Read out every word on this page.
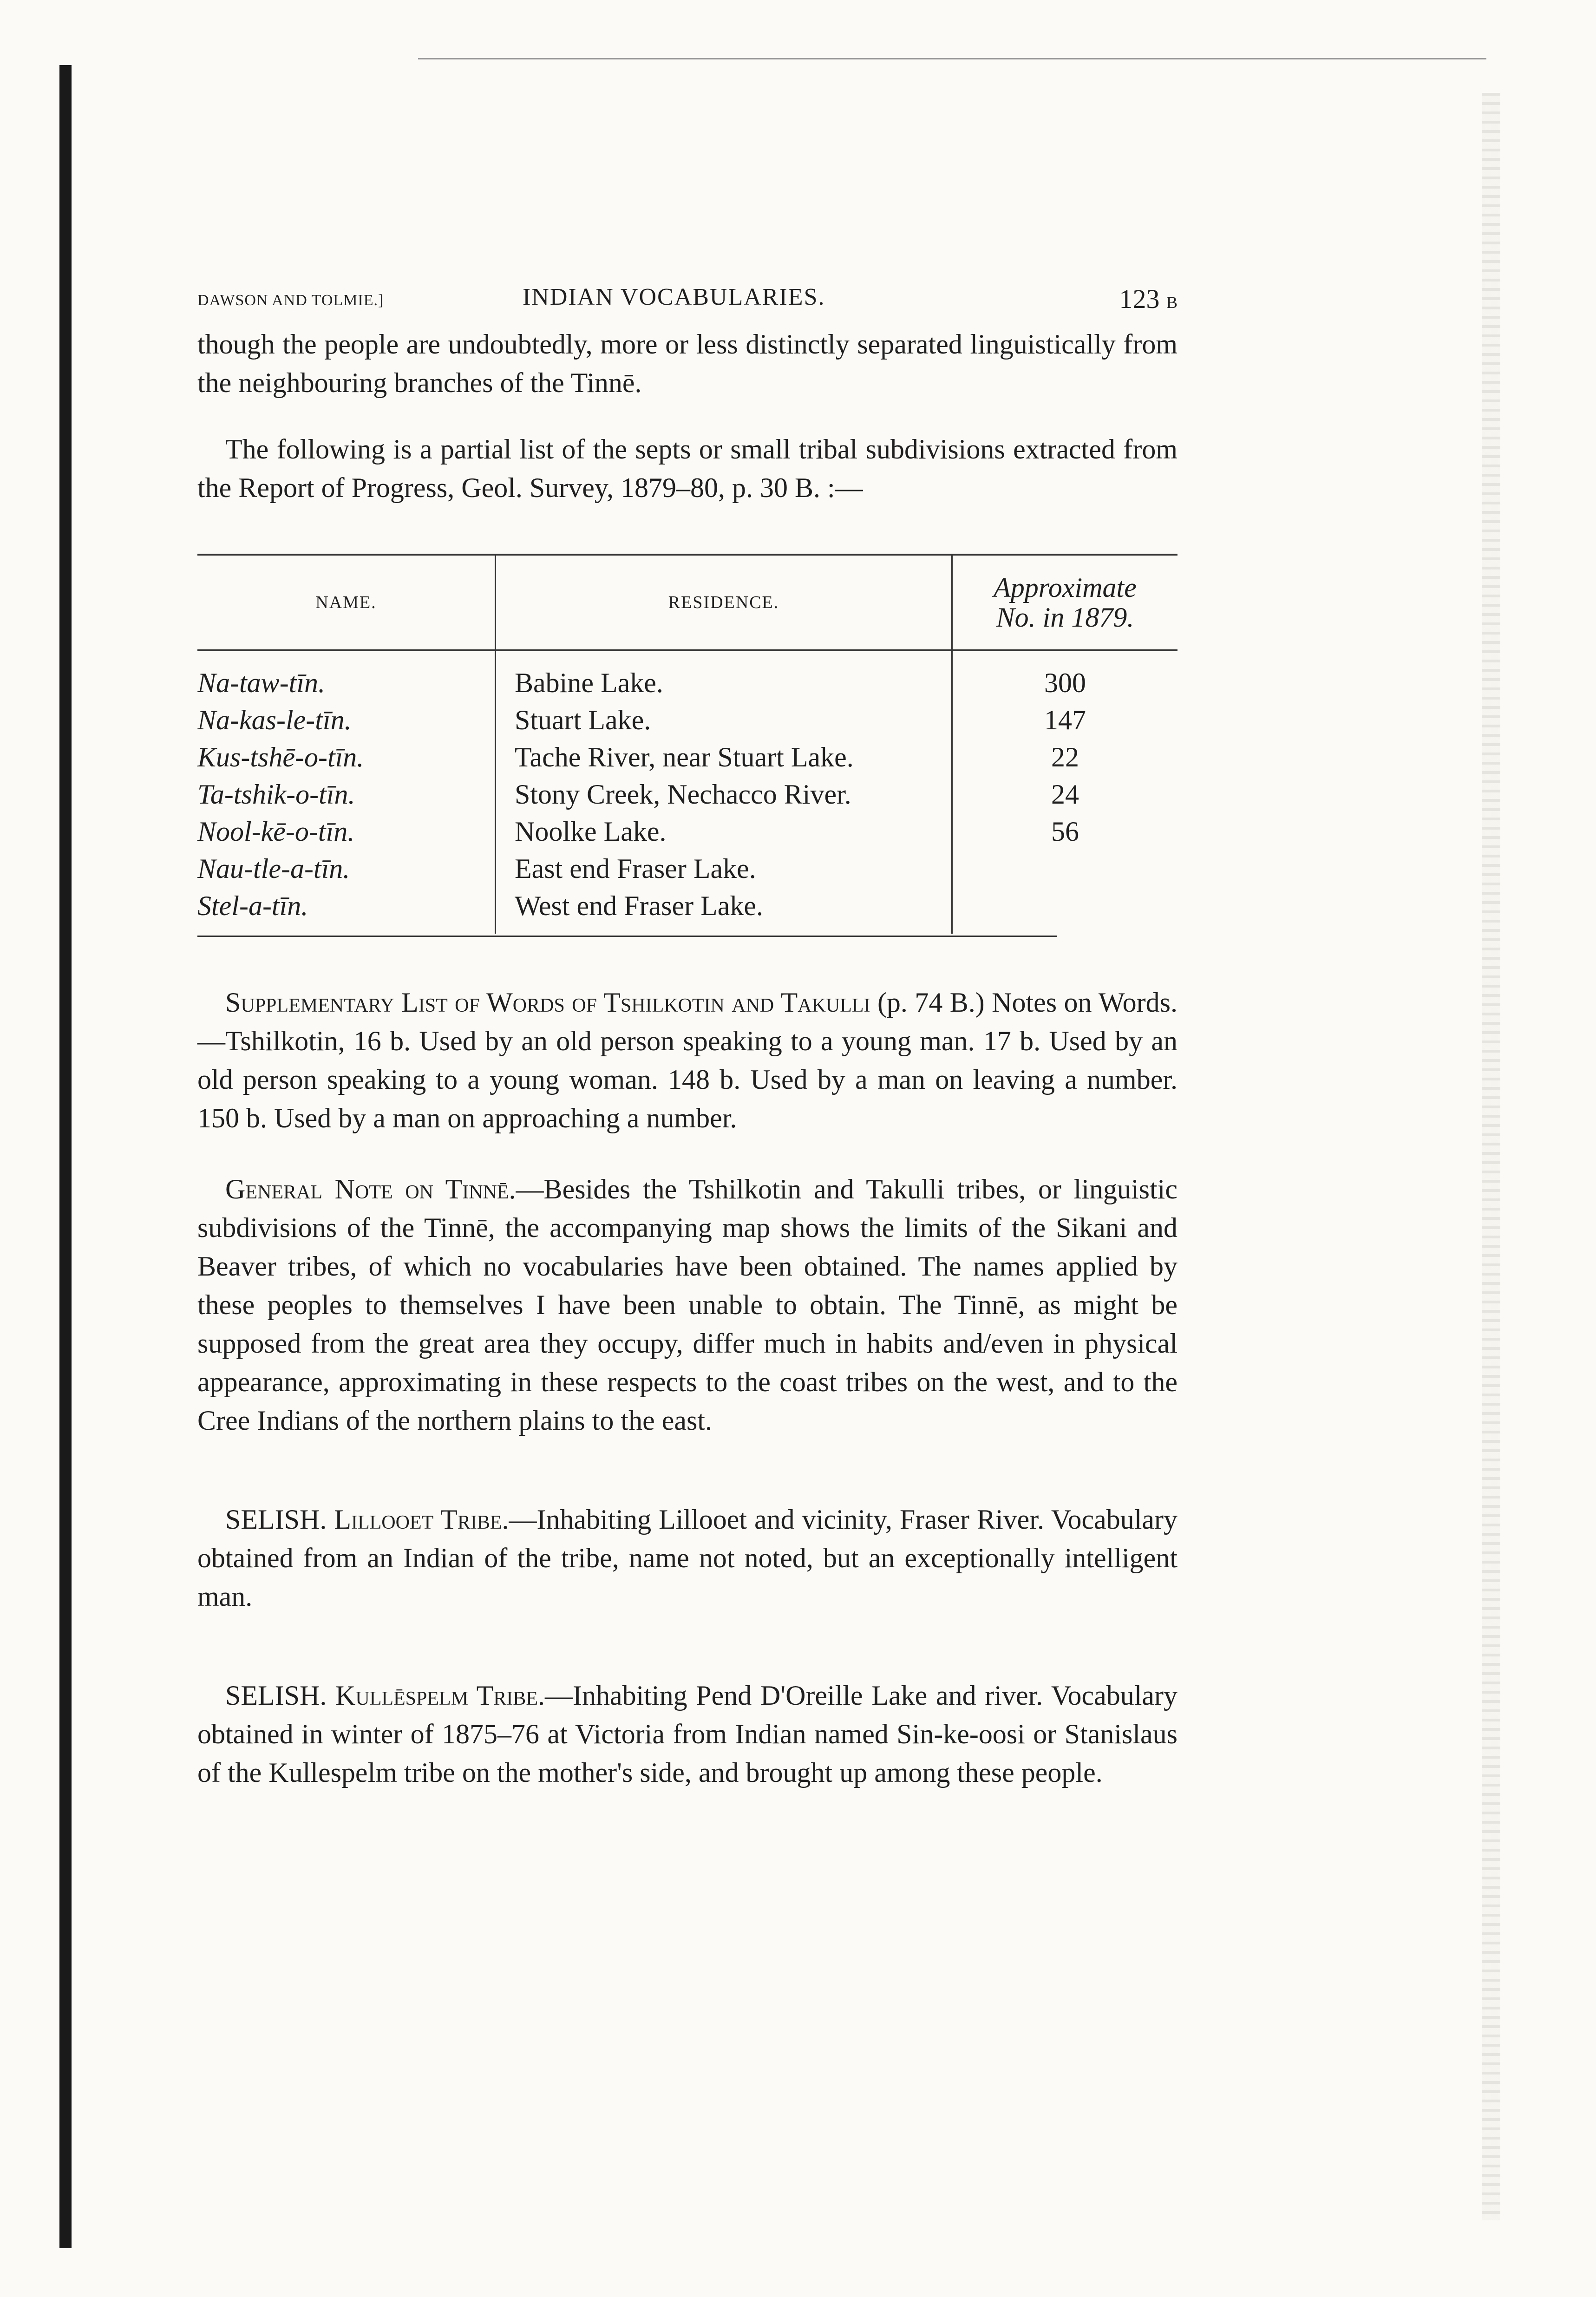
DAWSON AND TOLMIE.]	INDIAN VOCABULARIES.	123 B

though the people are undoubtedly, more or less distinctly separated linguistically from the neighbouring branches of the Tinnē.

The following is a partial list of the septs or small tribal subdivisions extracted from the Report of Progress, Geol. Survey, 1879–80, p. 30 B. :—

NAME.	RESIDENCE.	Approximate
No. in 1879.
Na-taw-tīn.	Babine Lake.	300
Na-kas-le-tīn.	Stuart Lake.	147
Kus-tshē-o-tīn.	Tache River, near Stuart Lake.	22
Ta-tshik-o-tīn.	Stony Creek, Nechacco River.	24
Nool-kē-o-tīn.	Noolke Lake.	56
Nau-tle-a-tīn.	East end Fraser Lake.	
Stel-a-tīn.	West end Fraser Lake.	

Supplementary List of Words of Tshilkotin and Takulli (p. 74 B.) Notes on Words.—Tshilkotin, 16 b. Used by an old person speaking to a young man. 17 b. Used by an old person speaking to a young woman. 148 b. Used by a man on leaving a number. 150 b. Used by a man on approaching a number.

General Note on Tinnē.—Besides the Tshilkotin and Takulli tribes, or linguistic subdivisions of the Tinnē, the accompanying map shows the limits of the Sikani and Beaver tribes, of which no vocabularies have been obtained. The names applied by these peoples to themselves I have been unable to obtain. The Tinnē, as might be supposed from the great area they occupy, differ much in habits and/even in physical appearance, approximating in these respects to the coast tribes on the west, and to the Cree Indians of the northern plains to the east.

SELISH. Lillooet Tribe.—Inhabiting Lillooet and vicinity, Fraser River. Vocabulary obtained from an Indian of the tribe, name not noted, but an exceptionally intelligent man.

SELISH. Kullēspelm Tribe.—Inhabiting Pend D'Oreille Lake and river. Vocabulary obtained in winter of 1875–76 at Victoria from Indian named Sin-ke-oosi or Stanislaus of the Kullespelm tribe on the mother's side, and brought up among these people.
